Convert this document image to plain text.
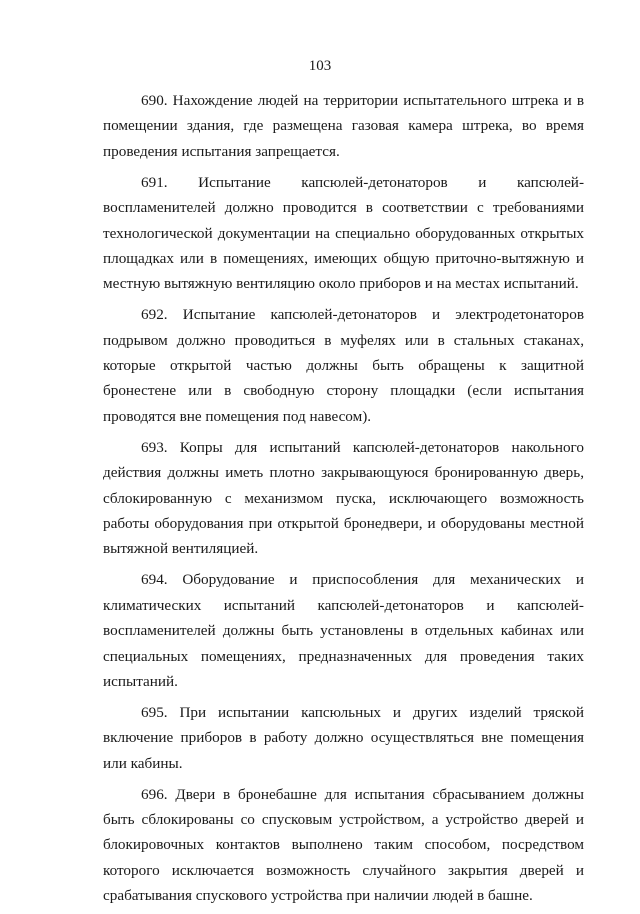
103

690. Нахождение людей на территории испытательного штрека и в помещении здания, где размещена газовая камера штрека, во время проведения испытания запрещается.

691. Испытание капсюлей-детонаторов и капсюлей-воспламенителей должно проводится в соответствии с требованиями технологической документации на специально оборудованных открытых площадках или в помещениях, имеющих общую приточно-вытяжную и местную вытяжную вентиляцию около приборов и на местах испытаний.

692. Испытание капсюлей-детонаторов и электродетонаторов подрывом должно проводиться в муфелях или в стальных стаканах, которые открытой частью должны быть обращены к защитной бронестене или в свободную сторону площадки (если испытания проводятся вне помещения под навесом).

693. Копры для испытаний капсюлей-детонаторов накольного действия должны иметь плотно закрывающуюся бронированную дверь, сблокированную с механизмом пуска, исключающего возможность работы оборудования при открытой бронедвери, и оборудованы местной вытяжной вентиляцией.

694. Оборудование и приспособления для механических и климатических испытаний капсюлей-детонаторов и капсюлей-воспламенителей должны быть установлены в отдельных кабинах или специальных помещениях, предназначенных для проведения таких испытаний.

695. При испытании капсюльных и других изделий тряской включение приборов в работу должно осуществляться вне помещения или кабины.

696. Двери в бронебашне для испытания сбрасыванием должны быть сблокированы со спусковым устройством, а устройство дверей и блокировочных контактов выполнено таким способом, посредством которого исключается возможность случайного закрытия дверей и срабатывания спускового устройства при наличии людей в башне.
